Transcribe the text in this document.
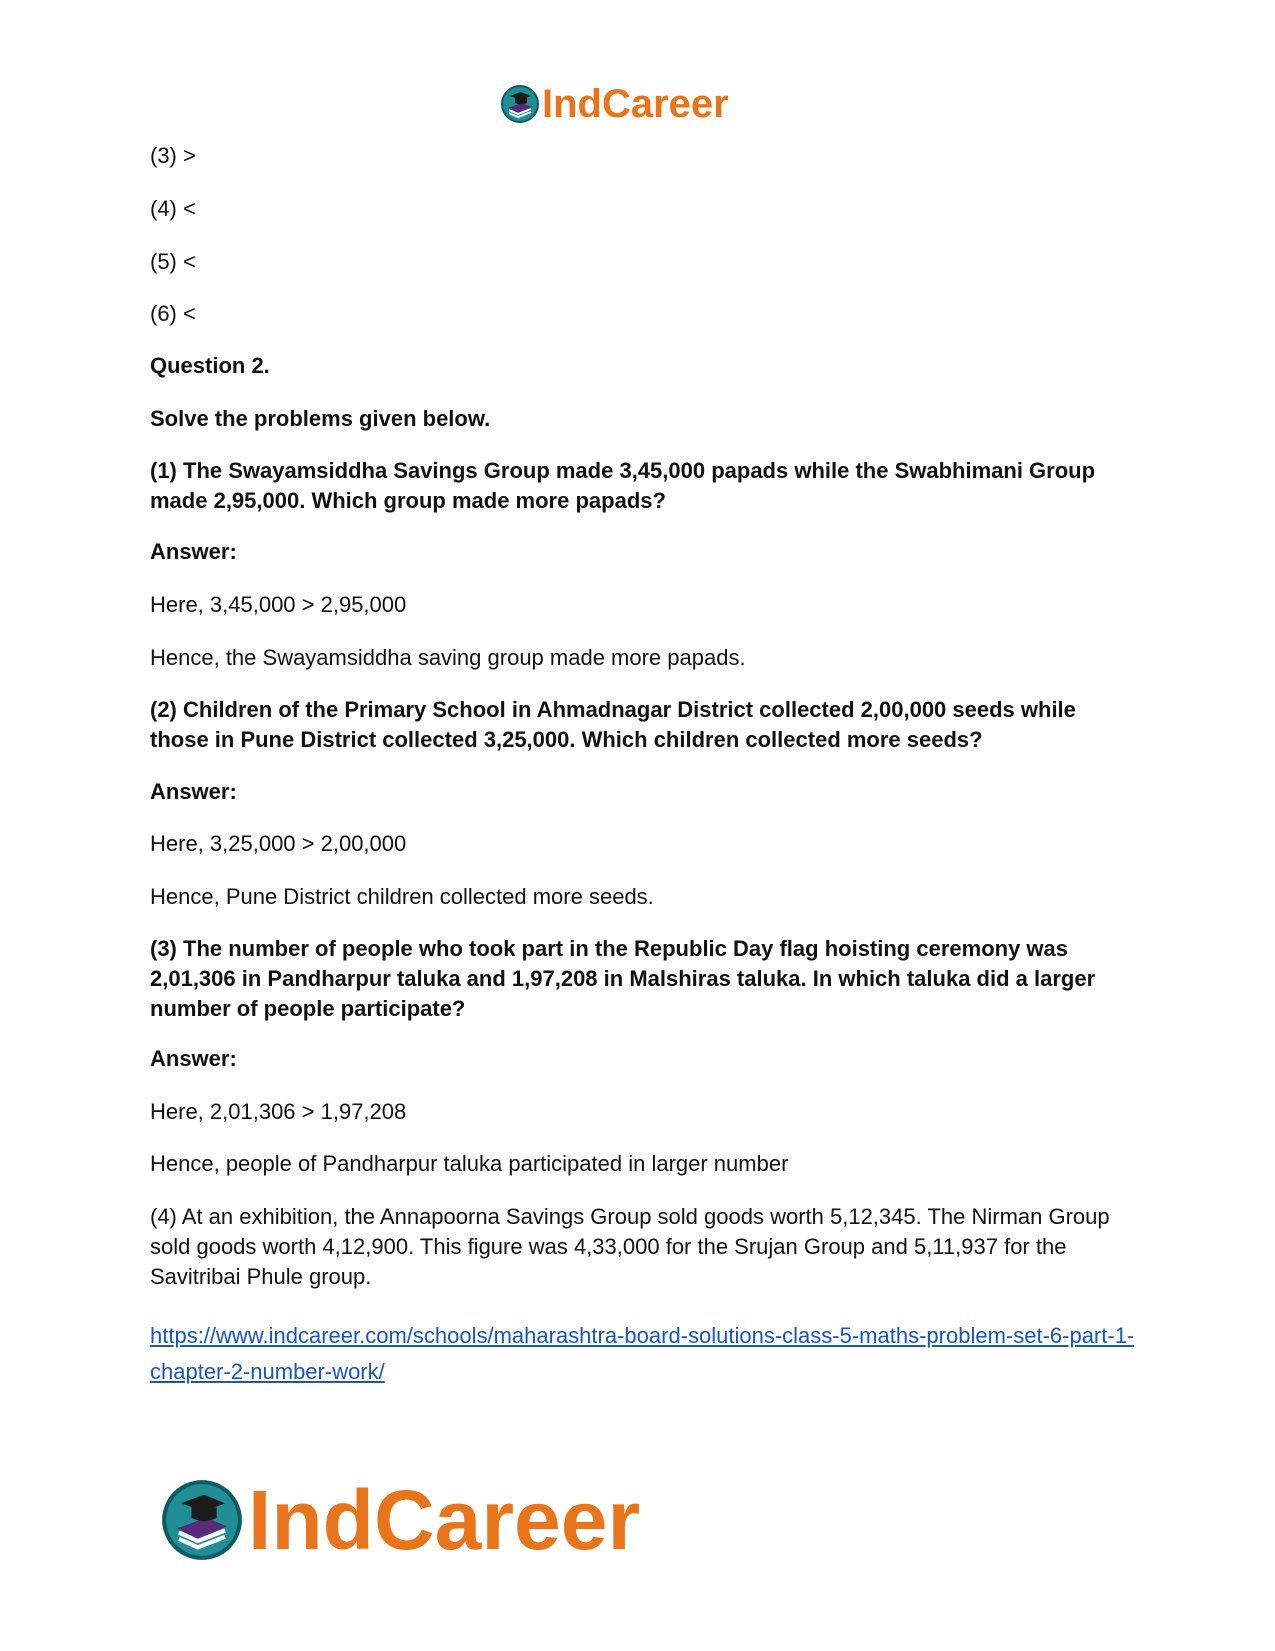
IndCareer
(3) >
(4) <
(5) <
(6) <
Question 2.
Solve the problems given below.
(1) The Swayamsiddha Savings Group made 3,45,000 papads while the Swabhimani Group made 2,95,000. Which group made more papads?
Answer:
Here, 3,45,000 > 2,95,000
Hence, the Swayamsiddha saving group made more papads.
(2) Children of the Primary School in Ahmadnagar District collected 2,00,000 seeds while those in Pune District collected 3,25,000. Which children collected more seeds?
Answer:
Here, 3,25,000 > 2,00,000
Hence, Pune District children collected more seeds.
(3) The number of people who took part in the Republic Day flag hoisting ceremony was 2,01,306 in Pandharpur taluka and 1,97,208 in Malshiras taluka. In which taluka did a larger number of people participate?
Answer:
Here, 2,01,306 > 1,97,208
Hence, people of Pandharpur taluka participated in larger number
(4) At an exhibition, the Annapoorna Savings Group sold goods worth 5,12,345. The Nirman Group sold goods worth 4,12,900. This figure was 4,33,000 for the Srujan Group and 5,11,937 for the Savitribai Phule group.
https://www.indcareer.com/schools/maharashtra-board-solutions-class-5-maths-problem-set-6-part-1-chapter-2-number-work/
IndCareer
